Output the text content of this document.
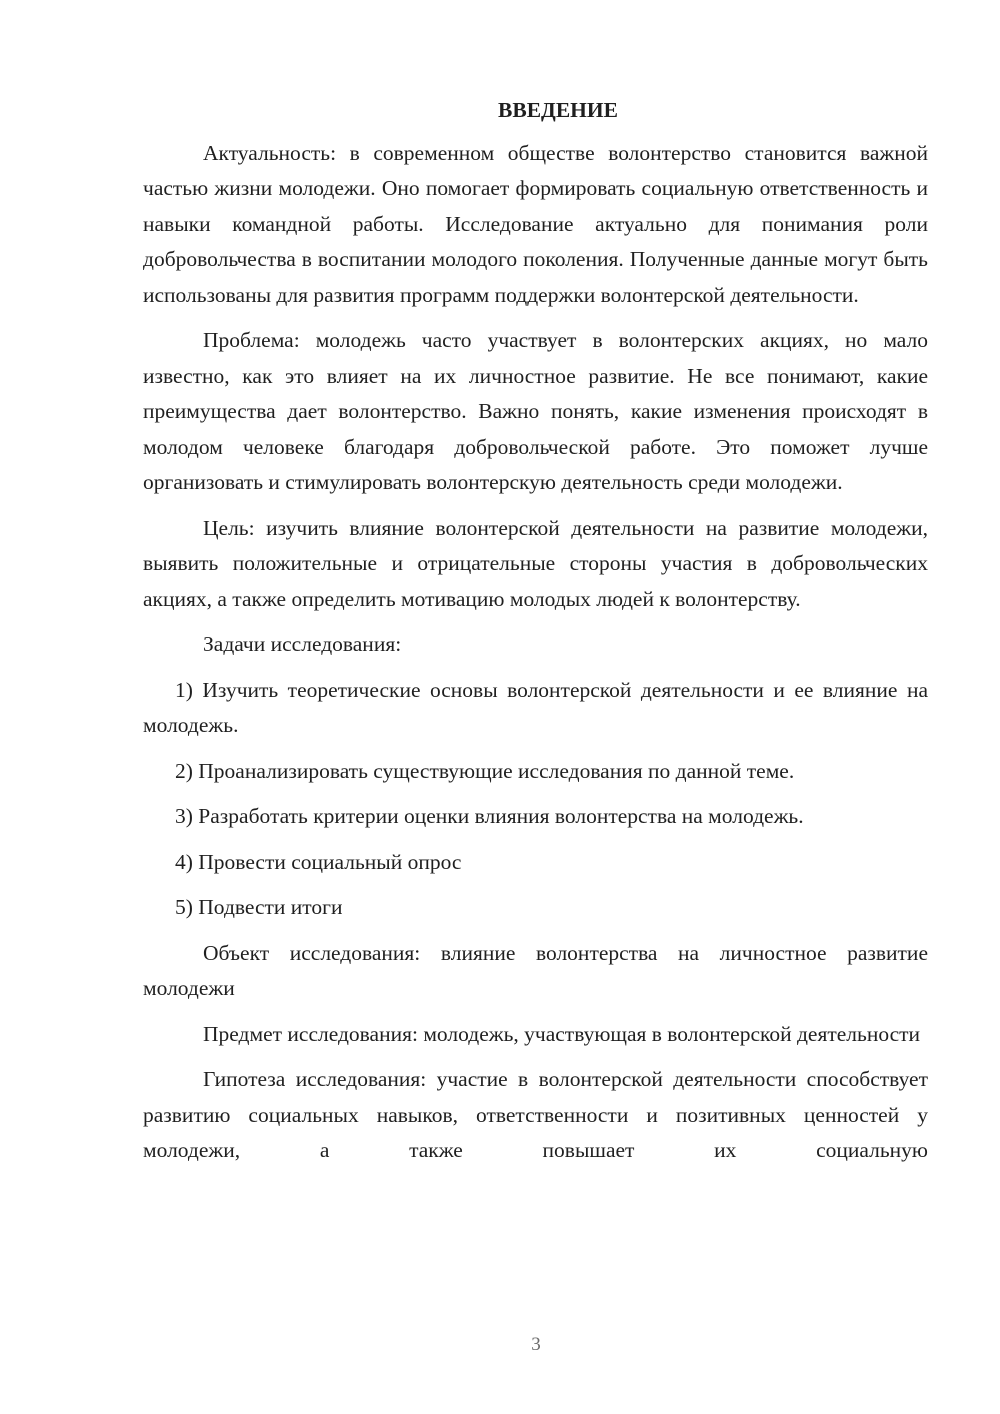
ВВЕДЕНИЕ

Актуальность: в современном обществе волонтерство становится важной частью жизни молодежи. Оно помогает формировать социальную ответственность и навыки командной работы. Исследование актуально для понимания роли добровольчества в воспитании молодого поколения. Полученные данные могут быть использованы для развития программ поддержки волонтерской деятельности.

Проблема: молодежь часто участвует в волонтерских акциях, но мало известно, как это влияет на их личностное развитие. Не все понимают, какие преимущества дает волонтерство. Важно понять, какие изменения происходят в молодом человеке благодаря добровольческой работе. Это поможет лучше организовать и стимулировать волонтерскую деятельность среди молодежи.

Цель: изучить влияние волонтерской деятельности на развитие молодежи, выявить положительные и отрицательные стороны участия в добровольческих акциях, а также определить мотивацию молодых людей к волонтерству.

Задачи исследования:

1) Изучить теоретические основы волонтерской деятельности и ее влияние на молодежь.

2) Проанализировать существующие исследования по данной теме.

3) Разработать критерии оценки влияния волонтерства на молодежь.

4) Провести социальный опрос

5) Подвести итоги

Объект исследования: влияние волонтерства на личностное развитие молодежи

Предмет исследования: молодежь, участвующая в волонтерской деятельности

Гипотеза исследования: участие в волонтерской деятельности способствует развитию социальных навыков, ответственности и позитивных ценностей у молодежи, а также повышает их социальную

3
